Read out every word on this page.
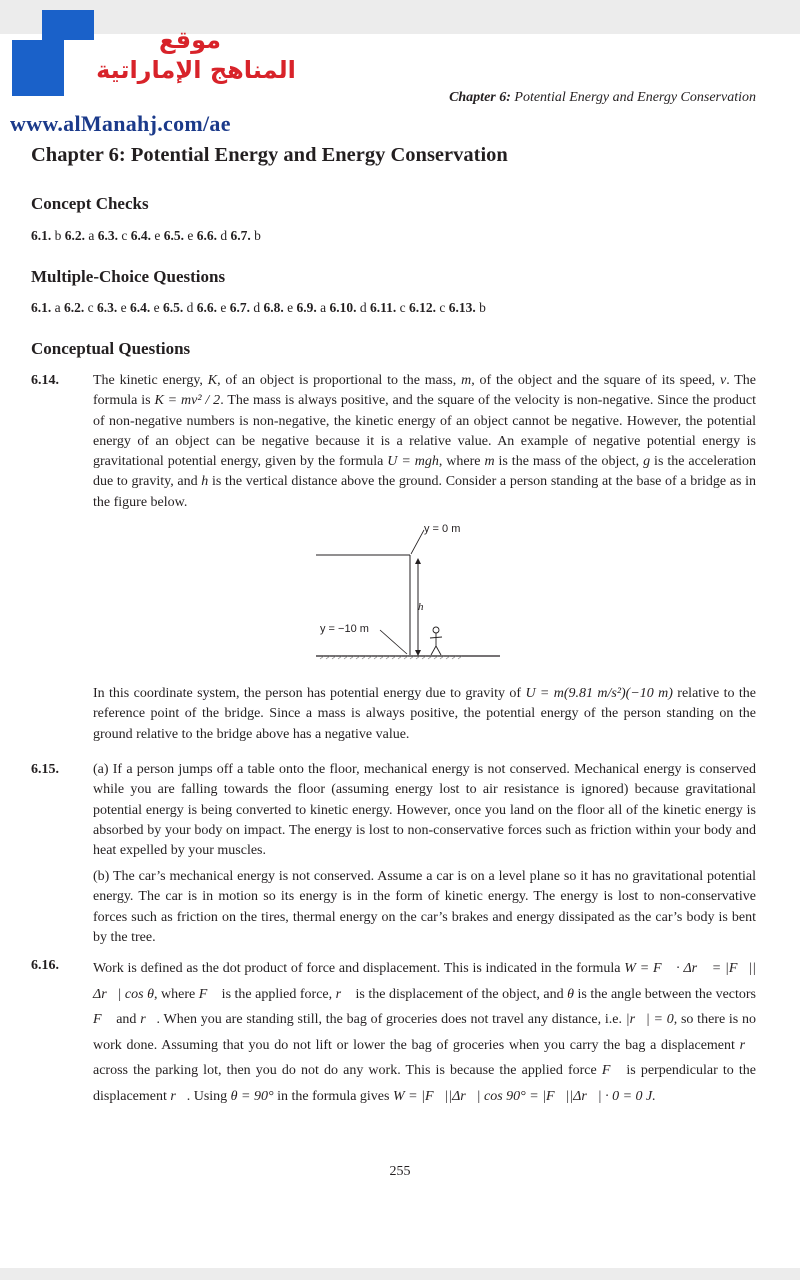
موقع
المناهج الإماراتية
www.alManahj.com/ae
Chapter 6: Potential Energy and Energy Conservation
Chapter 6: Potential Energy and Energy Conservation
Concept Checks
6.1. b 6.2. a 6.3. c 6.4. e 6.5. e 6.6. d 6.7. b
Multiple-Choice Questions
6.1. a 6.2. c 6.3. e 6.4. e 6.5. d 6.6. e 6.7. d 6.8. e 6.9. a 6.10. d 6.11. c 6.12. c 6.13. b
Conceptual Questions
6.14. The kinetic energy, K, of an object is proportional to the mass, m, of the object and the square of its speed, v. The formula is K = mv² / 2. The mass is always positive, and the square of the velocity is non-negative. Since the product of non-negative numbers is non-negative, the kinetic energy of an object cannot be negative. However, the potential energy of an object can be negative because it is a relative value. An example of negative potential energy is gravitational potential energy, given by the formula U = mgh, where m is the mass of the object, g is the acceleration due to gravity, and h is the vertical distance above the ground. Consider a person standing at the base of a bridge as in the figure below.
y = 0 m
y = −10 m
h
In this coordinate system, the person has potential energy due to gravity of U = m(9.81 m/s²)(−10 m) relative to the reference point of the bridge. Since a mass is always positive, the potential energy of the person standing on the ground relative to the bridge above has a negative value.
6.15. (a) If a person jumps off a table onto the floor, mechanical energy is not conserved. Mechanical energy is conserved while you are falling towards the floor (assuming energy lost to air resistance is ignored) because gravitational potential energy is being converted to kinetic energy. However, once you land on the floor all of the kinetic energy is absorbed by your body on impact. The energy is lost to non-conservative forces such as friction within your body and heat expelled by your muscles.
(b) The car’s mechanical energy is not conserved. Assume a car is on a level plane so it has no gravitational potential energy. The car is in motion so its energy is in the form of kinetic energy. The energy is lost to non-conservative forces such as friction on the tires, thermal energy on the car’s brakes and energy dissipated as the car’s body is bent by the tree.
6.16. Work is defined as the dot product of force and displacement. This is indicated in the formula W = F⃗ · Δr⃗ = |F⃗||Δr⃗| cos θ, where F⃗ is the applied force, r⃗ is the displacement of the object, and θ is the angle between the vectors F⃗ and r⃗. When you are standing still, the bag of groceries does not travel any distance, i.e. |r⃗| = 0, so there is no work done. Assuming that you do not lift or lower the bag of groceries when you carry the bag a displacement r⃗ across the parking lot, then you do not do any work. This is because the applied force F⃗ is perpendicular to the displacement r⃗. Using θ = 90° in the formula gives W = |F⃗||Δr⃗| cos 90° = |F⃗||Δr⃗| · 0 = 0 J.
255
